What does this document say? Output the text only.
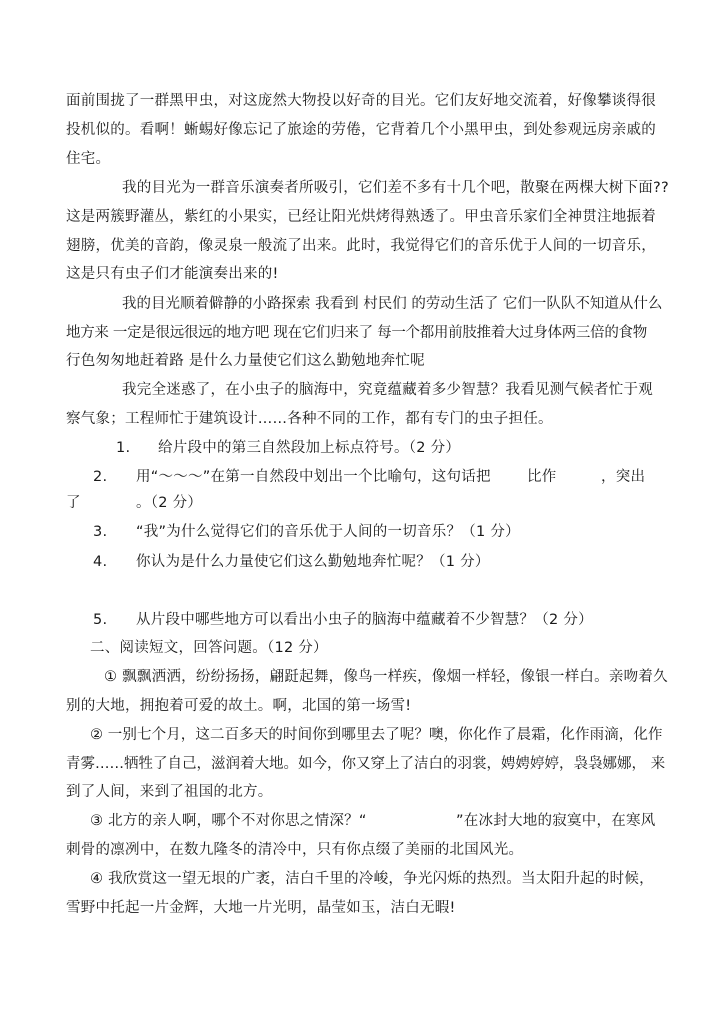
面前围拢了一群黑甲虫，对这庞然大物投以好奇的目光。它们友好地交流着，好像攀谈得很
投机似的。看啊！蜥蜴好像忘记了旅途的劳倦，它背着几个小黑甲虫，到处参观远房亲戚的
住宅。
我的目光为一群音乐演奏者所吸引，它们差不多有十几个吧，散聚在两棵大树下面??
这是两簇野灌丛，紫红的小果实，已经让阳光烘烤得熟透了。甲虫音乐家们全神贯注地振着
翅膀，优美的音韵，像灵泉一般流了出来。此时，我觉得它们的音乐优于人间的一切音乐，
这是只有虫子们才能演奏出来的!
我的目光顺着僻静的小路探索 我看到 村民们 的劳动生活了 它们一队队不知道从什么
地方来 一定是很远很远的地方吧 现在它们归来了 每一个都用前肢推着大过身体两三倍的食物
行色匆匆地赶着路 是什么力量使它们这么勤勉地奔忙呢
我完全迷惑了，在小虫子的脑海中，究竟蕴藏着多少智慧？我看见测气候者忙于观
察气象；工程师忙于建筑设计……各种不同的工作，都有专门的虫子担任。
1. 给片段中的第三自然段加上标点符号。（2 分）
2. 用“～～～”在第一自然段中划出一个比喻句，这句话把 比作	，突出
了	。（2 分）
3. “我”为什么觉得它们的音乐优于人间的一切音乐？（1 分）
4. 你认为是什么力量使它们这么勤勉地奔忙呢？（1 分）
5. 从片段中哪些地方可以看出小虫子的脑海中蕴藏着不少智慧？（2 分）
二、阅读短文，回答问题。（12 分）
① 飘飘洒洒，纷纷扬扬，翩跹起舞，像鸟一样疾，像烟一样轻，像银一样白。亲吻着久
别的大地，拥抱着可爱的故土。啊，北国的第一场雪!
② 一别七个月，这二百多天的时间你到哪里去了呢？噢，你化作了晨霜，化作雨滴，化作
青雾……牺牲了自己，滋润着大地。如今，你又穿上了洁白的羽裳，娉娉婷婷，袅袅娜娜， 来
到了人间，来到了祖国的北方。
③ 北方的亲人啊，哪个不对你思之情深？“	”在冰封大地的寂寞中，在寒风
刺骨的凛冽中，在数九隆冬的清冷中，只有你点缀了美丽的北国风光。
④ 我欣赏这一望无垠的广袤，洁白千里的冷峻，争光闪烁的热烈。当太阳升起的时候，
雪野中托起一片金辉，大地一片光明，晶莹如玉，洁白无暇!
